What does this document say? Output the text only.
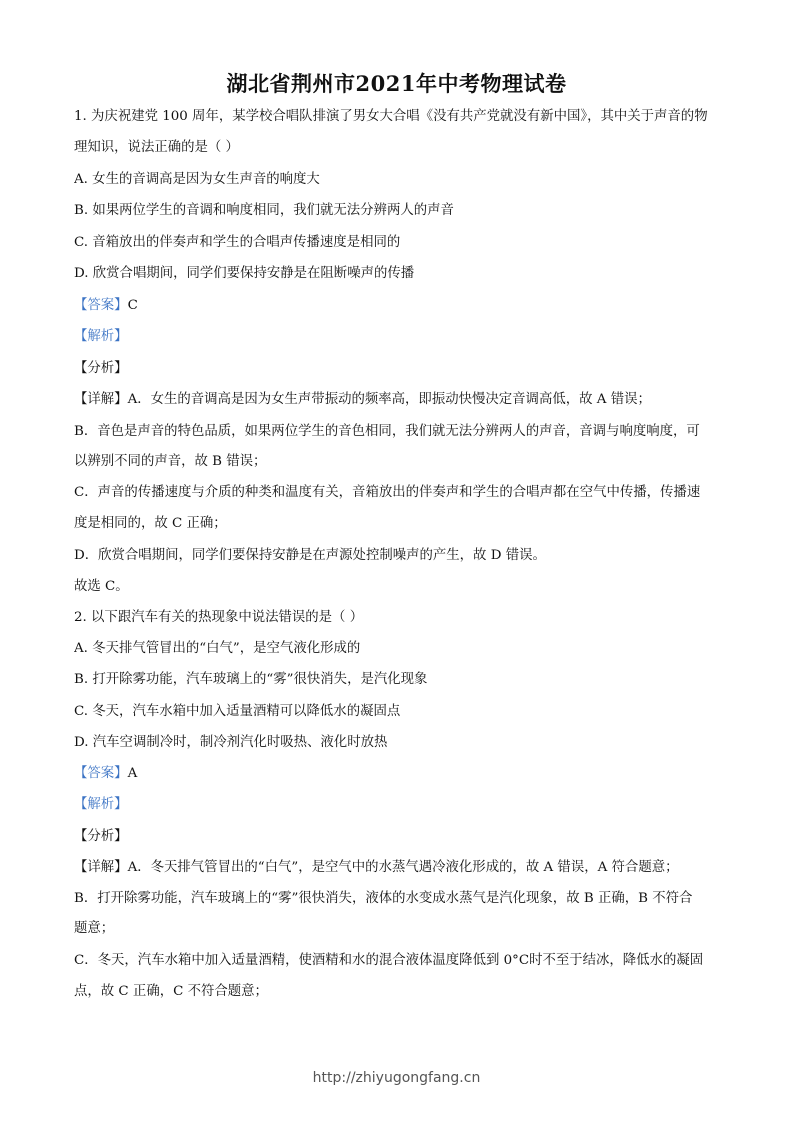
湖北省荆州市2021年中考物理试卷
1. 为庆祝建党 100 周年，某学校合唱队排演了男女大合唱《没有共产党就没有新中国》，其中关于声音的物
理知识，说法正确的是（ ）
A. 女生的音调高是因为女生声音的响度大
B. 如果两位学生的音调和响度相同，我们就无法分辨两人的声音
C. 音箱放出的伴奏声和学生的合唱声传播速度是相同的
D. 欣赏合唱期间，同学们要保持安静是在阻断噪声的传播
【答案】C
【解析】
【分析】
【详解】A．女生的音调高是因为女生声带振动的频率高，即振动快慢决定音调高低，故 A 错误；
B．音色是声音的特色品质，如果两位学生的音色相同，我们就无法分辨两人的声音，音调与响度响度，可
以辨别不同的声音，故 B 错误；
C．声音的传播速度与介质的种类和温度有关，音箱放出的伴奏声和学生的合唱声都在空气中传播，传播速
度是相同的，故 C 正确；
D．欣赏合唱期间，同学们要保持安静是在声源处控制噪声的产生，故 D 错误。
故选 C。
2. 以下跟汽车有关的热现象中说法错误的是（ ）
A. 冬天排气管冒出的“白气”，是空气液化形成的
B. 打开除雾功能，汽车玻璃上的“雾”很快消失，是汽化现象
C. 冬天，汽车水箱中加入适量酒精可以降低水的凝固点
D. 汽车空调制冷时，制冷剂汽化时吸热、液化时放热
【答案】A
【解析】
【分析】
【详解】A．冬天排气管冒出的“白气”，是空气中的水蒸气遇冷液化形成的，故 A 错误，A 符合题意；
B．打开除雾功能，汽车玻璃上的“雾”很快消失，液体的水变成水蒸气是汽化现象，故 B 正确，B 不符合
题意；
C．冬天，汽车水箱中加入适量酒精，使酒精和水的混合液体温度降低到 0°C时不至于结冰，降低水的凝固
点，故 C 正确，C 不符合题意；
http://zhiyugongfang.cn
